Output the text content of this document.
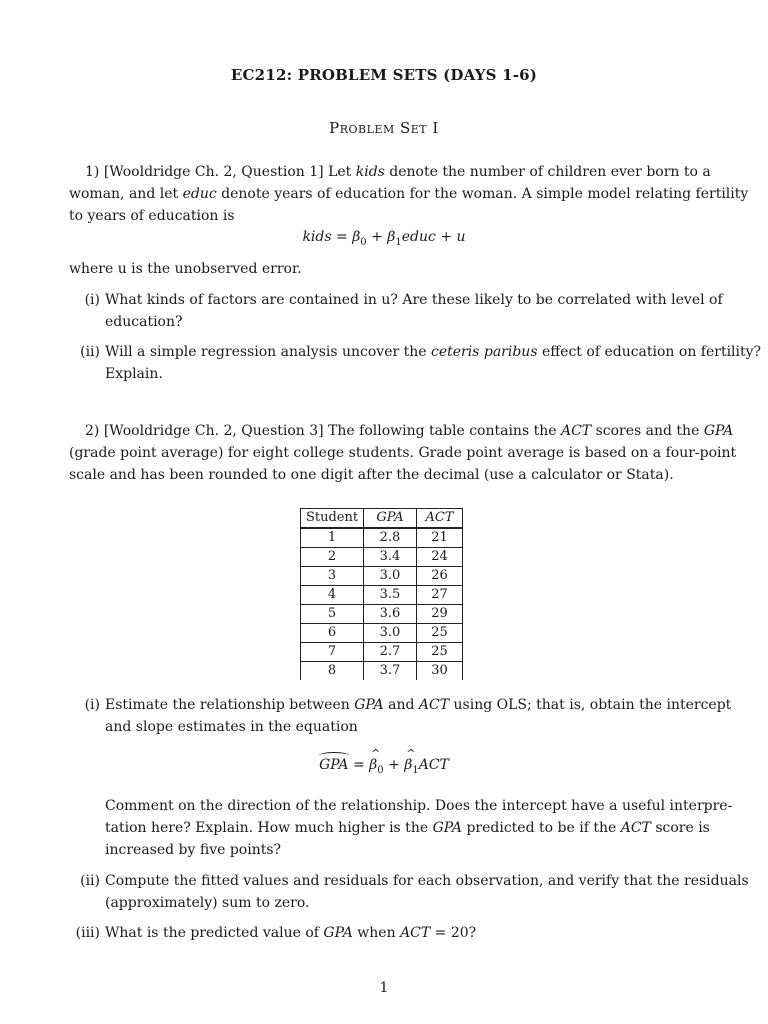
EC212: PROBLEM SETS (DAYS 1-6)
Problem Set I
1) [Wooldridge Ch. 2, Question 1] Let kids denote the number of children ever born to a
woman, and let educ denote years of education for the woman. A simple model relating fertility
to years of education is
kids = $\beta_0$ + $\beta_1educ + u$
where u is the unobserved error.
(i) What kinds of factors are contained in u? Are these likely to be correlated with level of
education?
(ii) Will a simple regression analysis uncover the ceteris paribus effect of education on fertility?
Explain.
2) [Wooldridge Ch. 2, Question 3] The following table contains the ACT scores and the GPA
(grade point average) for eight college students. Grade point average is based on a four-point
scale and has been rounded to one digit after the decimal (use a calculator or Stata).
Student	GPA	ACT
1	2.8	21
2	3.4	24
3	3.0	26
4	3.5	27
5	3.6	29
6	3.0	25
7	2.7	25
8	3.7	30
(i) Estimate the relationship between GPA and ACT using OLS; that is, obtain the intercept
and slope estimates in the equation
GPA = ^ $\beta_0$ + ^ $\beta_1ACT$
Comment on the direction of the relationship. Does the intercept have a useful interpre-
tation here? Explain. How much higher is the GPA predicted to be if the ACT score is
increased by five points?
(ii) Compute the fitted values and residuals for each observation, and verify that the residuals
(approximately) sum to zero.
(iii) What is the predicted value of GPA when ACT = 20?
1
